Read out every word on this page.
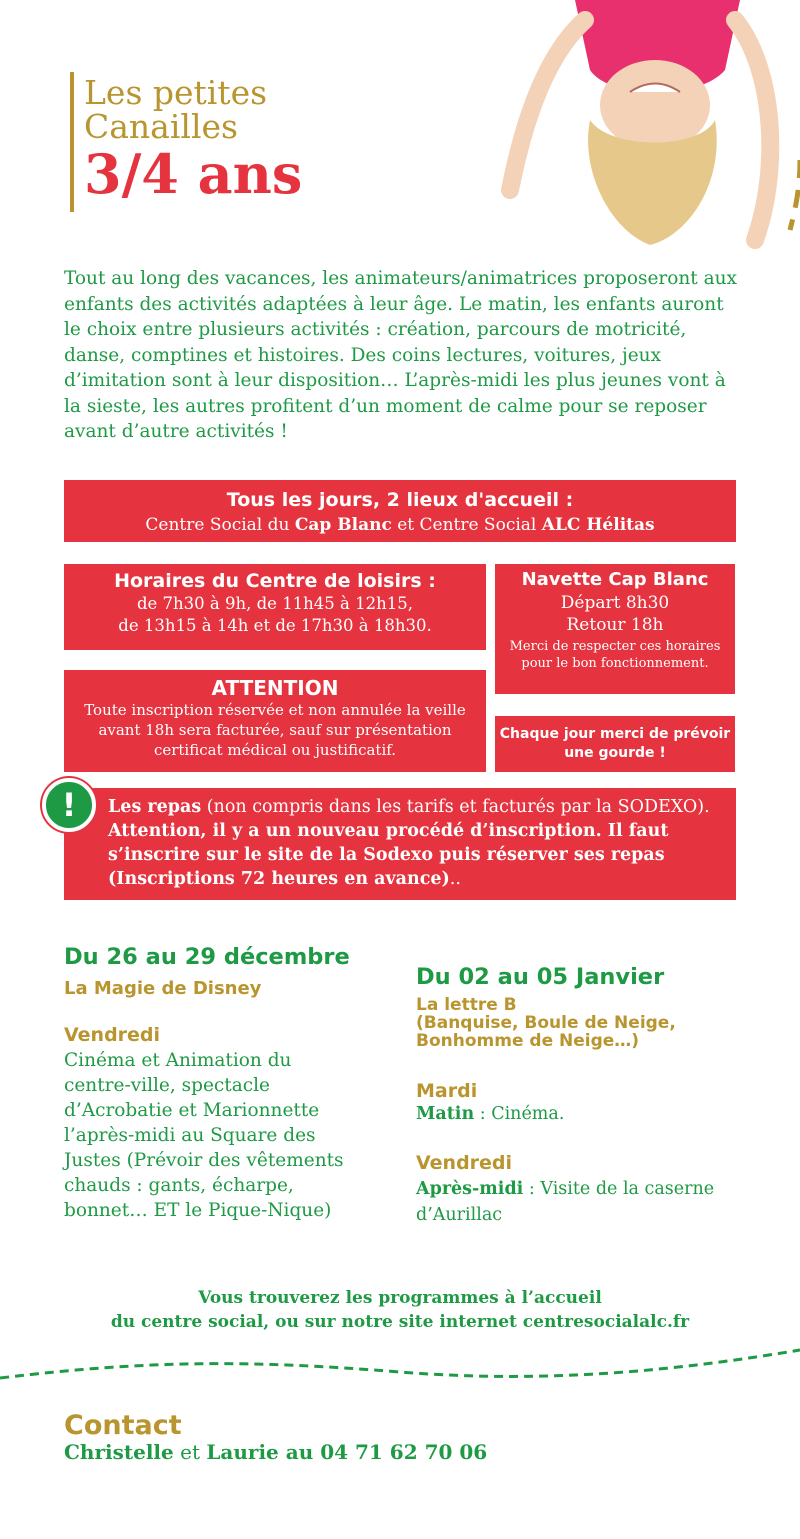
Les petites
Canailles
3/4 ans
Tout au long des vacances, les animateurs/animatrices proposeront aux enfants des activités adaptées à leur âge. Le matin, les enfants auront le choix entre plusieurs activités : création, parcours de motricité, danse, comptines et histoires. Des coins lectures, voitures, jeux d’imitation sont à leur disposition… L’après-midi les plus jeunes vont à la sieste, les autres profitent d’un moment de calme pour se reposer avant d’autre activités !
Tous les jours, 2 lieux d'accueil :
Centre Social du Cap Blanc et Centre Social ALC Hélitas
Horaires du Centre de loisirs :
de 7h30 à 9h, de 11h45 à 12h15,
de 13h15 à 14h et de 17h30 à 18h30.
Navette Cap Blanc
Départ 8h30
Retour 18h
Merci de respecter ces horaires pour le bon fonctionnement.
ATTENTION
Toute inscription réservée et non annulée la veille avant 18h sera facturée, sauf sur présentation certificat médical ou justificatif.
Chaque jour merci de prévoir une gourde !
Les repas (non compris dans les tarifs et facturés par la SODEXO). Attention, il y a un nouveau procédé d’inscription. Il faut s’inscrire sur le site de la Sodexo puis réserver ses repas (Inscriptions 72 heures en avance)..
!
Du 26 au 29 décembre
La Magie de Disney
Vendredi
Cinéma et Animation du centre-ville, spectacle d’Acrobatie et Marionnette l’après-midi au Square des Justes (Prévoir des vêtements chauds : gants, écharpe, bonnet… ET le Pique-Nique)
Du 02 au 05 Janvier
La lettre B
(Banquise, Boule de Neige,
Bonhomme de Neige…)
Mardi
Matin : Cinéma.
Vendredi
Après-midi : Visite de la caserne d’Aurillac
Vous trouverez les programmes à l’accueil
du centre social, ou sur notre site internet centresocialalc.fr
Contact
Christelle et Laurie au 04 71 62 70 06
